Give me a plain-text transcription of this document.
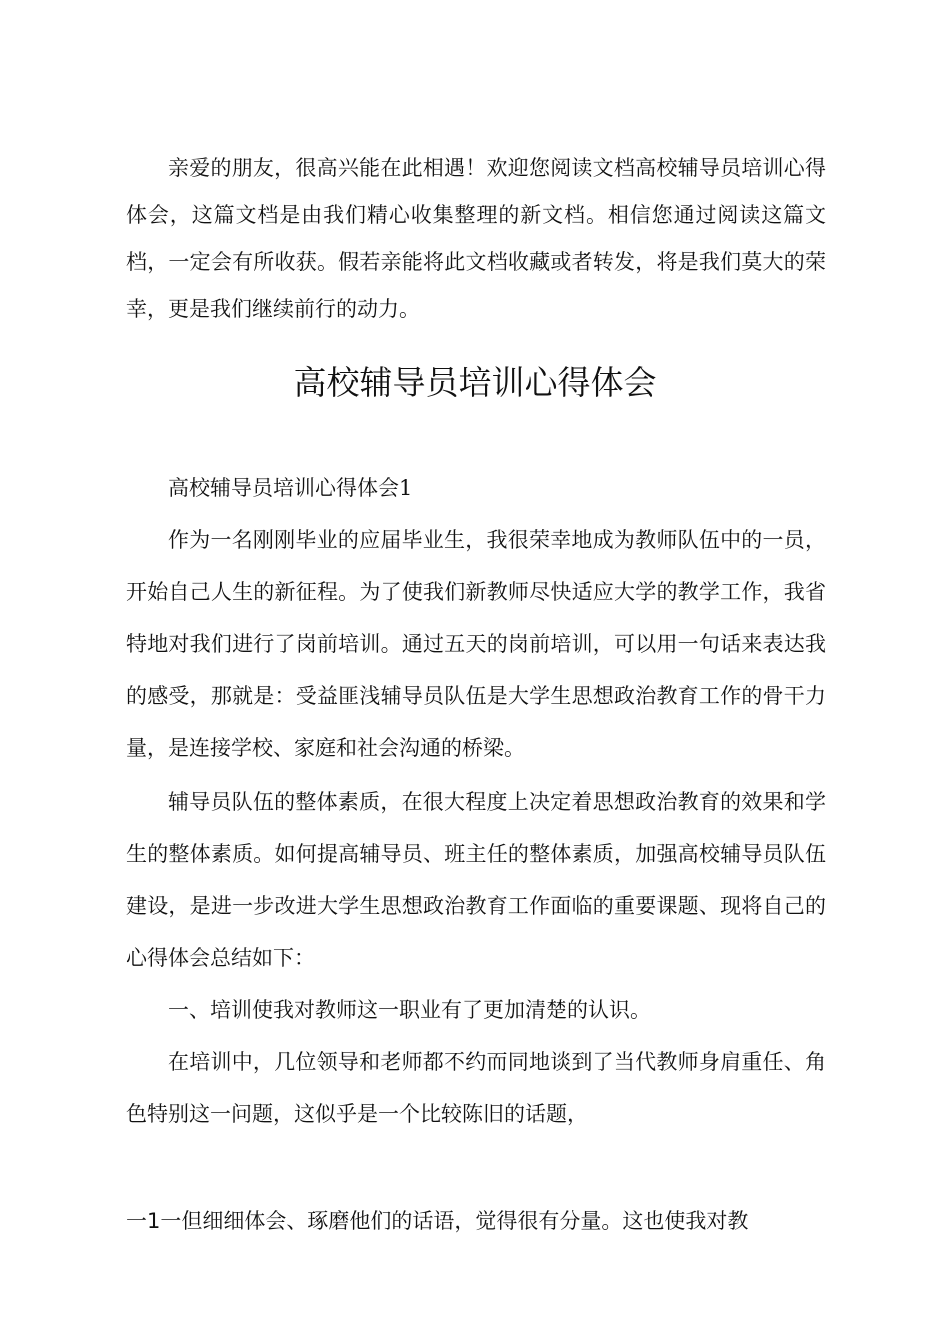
亲爱的朋友，很高兴能在此相遇！欢迎您阅读文档高校辅导员培训心得体会，这篇文档是由我们精心收集整理的新文档。相信您通过阅读这篇文档，一定会有所收获。假若亲能将此文档收藏或者转发，将是我们莫大的荣幸，更是我们继续前行的动力。

高校辅导员培训心得体会

高校辅导员培训心得体会1

作为一名刚刚毕业的应届毕业生，我很荣幸地成为教师队伍中的一员，开始自己人生的新征程。为了使我们新教师尽快适应大学的教学工作，我省特地对我们进行了岗前培训。通过五天的岗前培训，可以用一句话来表达我的感受，那就是：受益匪浅辅导员队伍是大学生思想政治教育工作的骨干力量，是连接学校、家庭和社会沟通的桥梁。

辅导员队伍的整体素质，在很大程度上决定着思想政治教育的效果和学生的整体素质。如何提高辅导员、班主任的整体素质，加强高校辅导员队伍建设，是进一步改进大学生思想政治教育工作面临的重要课题、现将自己的心得体会总结如下：

一、培训使我对教师这一职业有了更加清楚的认识。

在培训中，几位领导和老师都不约而同地谈到了当代教师身肩重任、角色特别这一问题，这似乎是一个比较陈旧的话题，

一1一但细细体会、琢磨他们的话语，觉得很有分量。这也使我对教
